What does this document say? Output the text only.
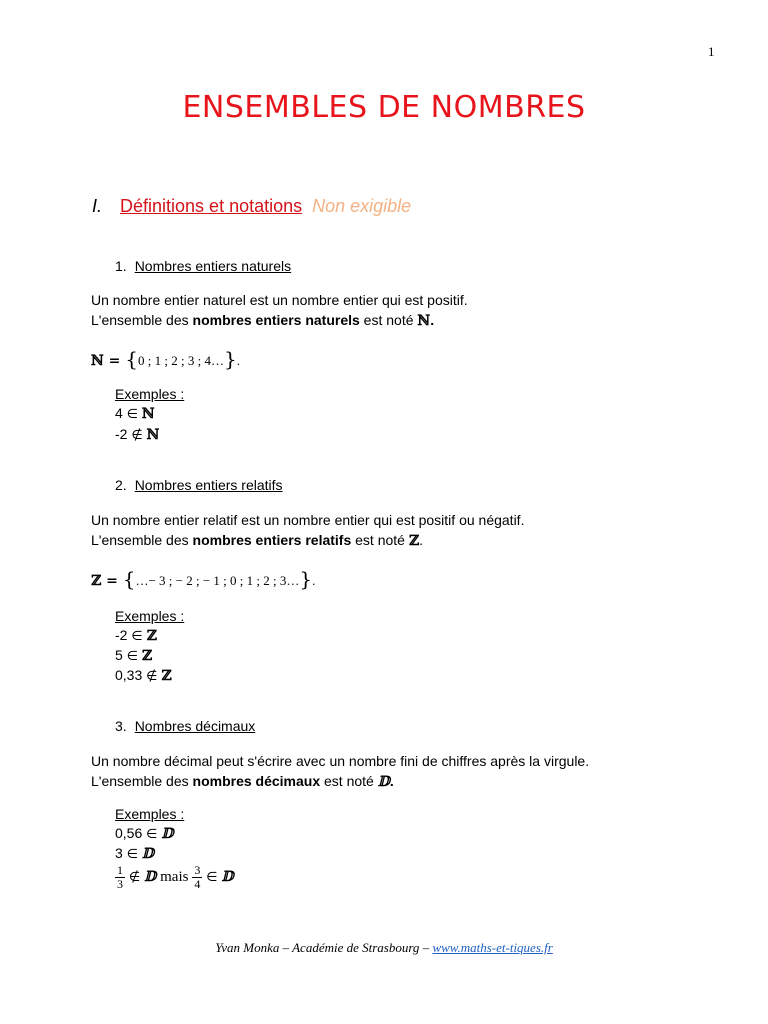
1
ENSEMBLES DE NOMBRES
I. Définitions et notations Non exigible
1. Nombres entiers naturels
Un nombre entier naturel est un nombre entier qui est positif.
L'ensemble des nombres entiers naturels est noté ℕ.
ℕ = {0 ; 1 ; 2 ; 3 ; 4…}.
Exemples :
4 ∈ ℕ
-2 ∉ ℕ
2. Nombres entiers relatifs
Un nombre entier relatif est un nombre entier qui est positif ou négatif.
L'ensemble des nombres entiers relatifs est noté ℤ.
ℤ = {…− 3 ; − 2 ; − 1 ; 0 ; 1 ; 2 ; 3…}.
Exemples :
-2 ∈ ℤ
5 ∈ ℤ
0,33 ∉ ℤ
3. Nombres décimaux
Un nombre décimal peut s'écrire avec un nombre fini de chiffres après la virgule.
L'ensemble des nombres décimaux est noté 𝔻.
Exemples :
0,56 ∈ 𝔻
3 ∈ 𝔻
$\frac{1}{3}$ ∉ 𝔻 mais $\frac{3}{4}$ ∈ 𝔻
Yvan Monka – Académie de Strasbourg – www.maths-et-tiques.fr
